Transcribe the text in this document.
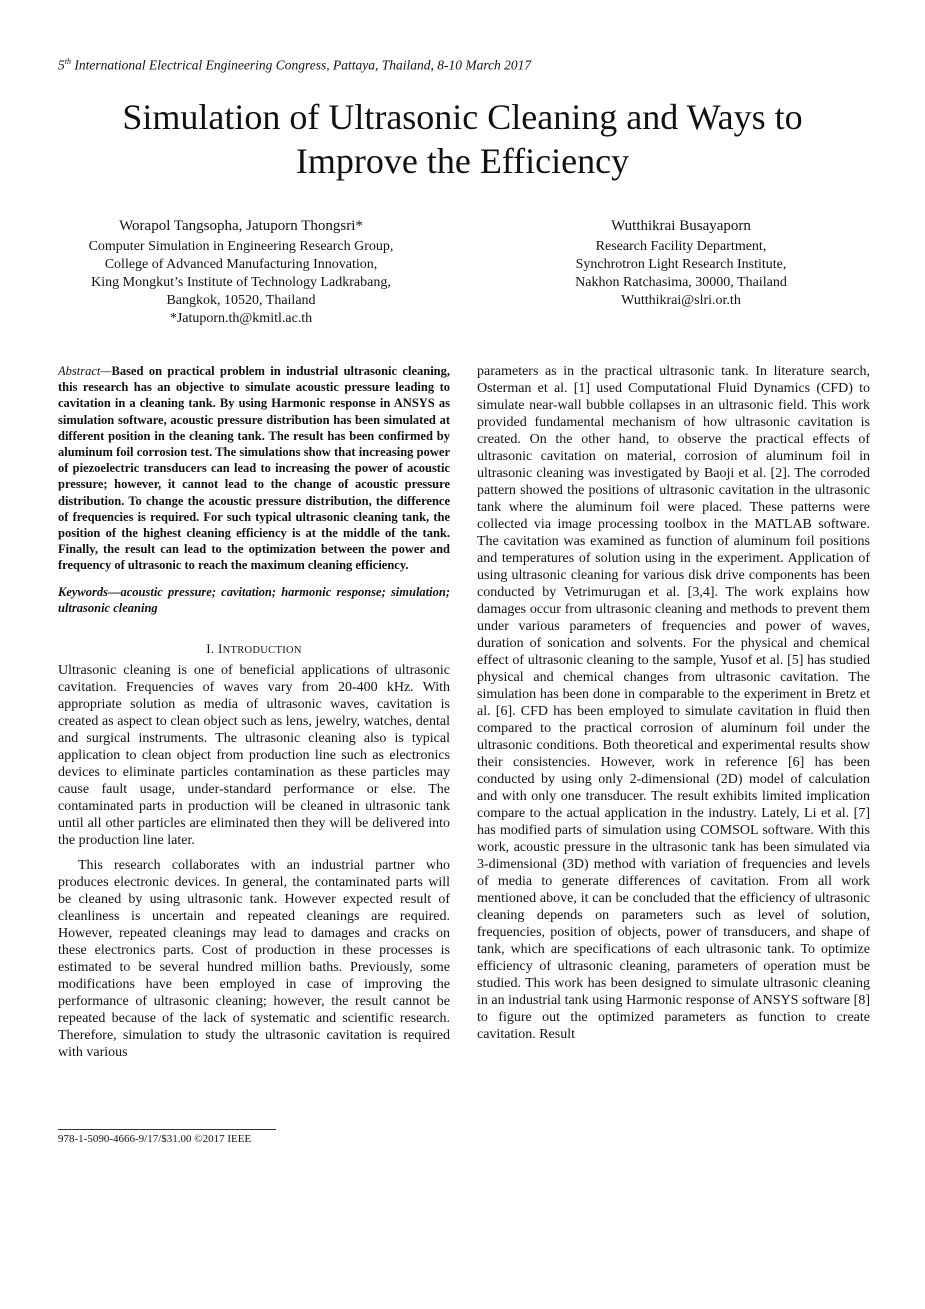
5th International Electrical Engineering Congress, Pattaya, Thailand, 8-10 March 2017
Simulation of Ultrasonic Cleaning and Ways to
Improve the Efficiency
Worapol Tangsopha, Jatuporn Thongsri*
Computer Simulation in Engineering Research Group,
College of Advanced Manufacturing Innovation,
King Mongkut’s Institute of Technology Ladkrabang,
Bangkok, 10520, Thailand
*Jatuporn.th@kmitl.ac.th
Wutthikrai Busayaporn
Research Facility Department,
Synchrotron Light Research Institute,
Nakhon Ratchasima, 30000, Thailand
Wutthikrai@slri.or.th

Abstract—Based on practical problem in industrial ultrasonic cleaning, this research has an objective to simulate acoustic pressure leading to cavitation in a cleaning tank. By using Harmonic response in ANSYS as simulation software, acoustic pressure distribution has been simulated at different position in the cleaning tank. The result has been confirmed by aluminum foil corrosion test. The simulations show that increasing power of piezoelectric transducers can lead to increasing the power of acoustic pressure; however, it cannot lead to the change of acoustic pressure distribution. To change the acoustic pressure distribution, the difference of frequencies is required. For such typical ultrasonic cleaning tank, the position of the highest cleaning efficiency is at the middle of the tank. Finally, the result can lead to the optimization between the power and frequency of ultrasonic to reach the maximum cleaning efficiency.

Keywords—acoustic pressure; cavitation; harmonic response; simulation; ultrasonic cleaning

I. INTRODUCTION

Ultrasonic cleaning is one of beneficial applications of ultrasonic cavitation. Frequencies of waves vary from 20-400 kHz. With appropriate solution as media of ultrasonic waves, cavitation is created as aspect to clean object such as lens, jewelry, watches, dental and surgical instruments. The ultrasonic cleaning also is typical application to clean object from production line such as electronics devices to eliminate particles contamination as these particles may cause fault usage, under-standard performance or else. The contaminated parts in production will be cleaned in ultrasonic tank until all other particles are eliminated then they will be delivered into the production line later.

This research collaborates with an industrial partner who produces electronic devices. In general, the contaminated parts will be cleaned by using ultrasonic tank. However expected result of cleanliness is uncertain and repeated cleanings are required. However, repeated cleanings may lead to damages and cracks on these electronics parts. Cost of production in these processes is estimated to be several hundred million baths. Previously, some modifications have been employed in case of improving the performance of ultrasonic cleaning; however, the result cannot be repeated because of the lack of systematic and scientific research. Therefore, simulation to study the ultrasonic cavitation is required with various

parameters as in the practical ultrasonic tank. In literature search, Osterman et al. [1] used Computational Fluid Dynamics (CFD) to simulate near-wall bubble collapses in an ultrasonic field. This work provided fundamental mechanism of how ultrasonic cavitation is created. On the other hand, to observe the practical effects of ultrasonic cavitation on material, corrosion of aluminum foil in ultrasonic cleaning was investigated by Baoji et al. [2]. The corroded pattern showed the positions of ultrasonic cavitation in the ultrasonic tank where the aluminum foil were placed. These patterns were collected via image processing toolbox in the MATLAB software. The cavitation was examined as function of aluminum foil positions and temperatures of solution using in the experiment. Application of using ultrasonic cleaning for various disk drive components has been conducted by Vetrimurugan et al. [3,4]. The work explains how damages occur from ultrasonic cleaning and methods to prevent them under various parameters of frequencies and power of waves, duration of sonication and solvents. For the physical and chemical effect of ultrasonic cleaning to the sample, Yusof et al. [5] has studied physical and chemical changes from ultrasonic cavitation. The simulation has been done in comparable to the experiment in Bretz et al. [6]. CFD has been employed to simulate cavitation in fluid then compared to the practical corrosion of aluminum foil under the ultrasonic conditions. Both theoretical and experimental results show their consistencies. However, work in reference [6] has been conducted by using only 2-dimensional (2D) model of calculation and with only one transducer. The result exhibits limited implication compare to the actual application in the industry. Lately, Li et al. [7] has modified parts of simulation using COMSOL software. With this work, acoustic pressure in the ultrasonic tank has been simulated via 3-dimensional (3D) method with variation of frequencies and levels of media to generate differences of cavitation. From all work mentioned above, it can be concluded that the efficiency of ultrasonic cleaning depends on parameters such as level of solution, frequencies, position of objects, power of transducers, and shape of tank, which are specifications of each ultrasonic tank. To optimize efficiency of ultrasonic cleaning, parameters of operation must be studied. This work has been designed to simulate ultrasonic cleaning in an industrial tank using Harmonic response of ANSYS software [8] to figure out the optimized parameters as function to create cavitation. Result

978-1-5090-4666-9/17/$31.00 ©2017 IEEE
